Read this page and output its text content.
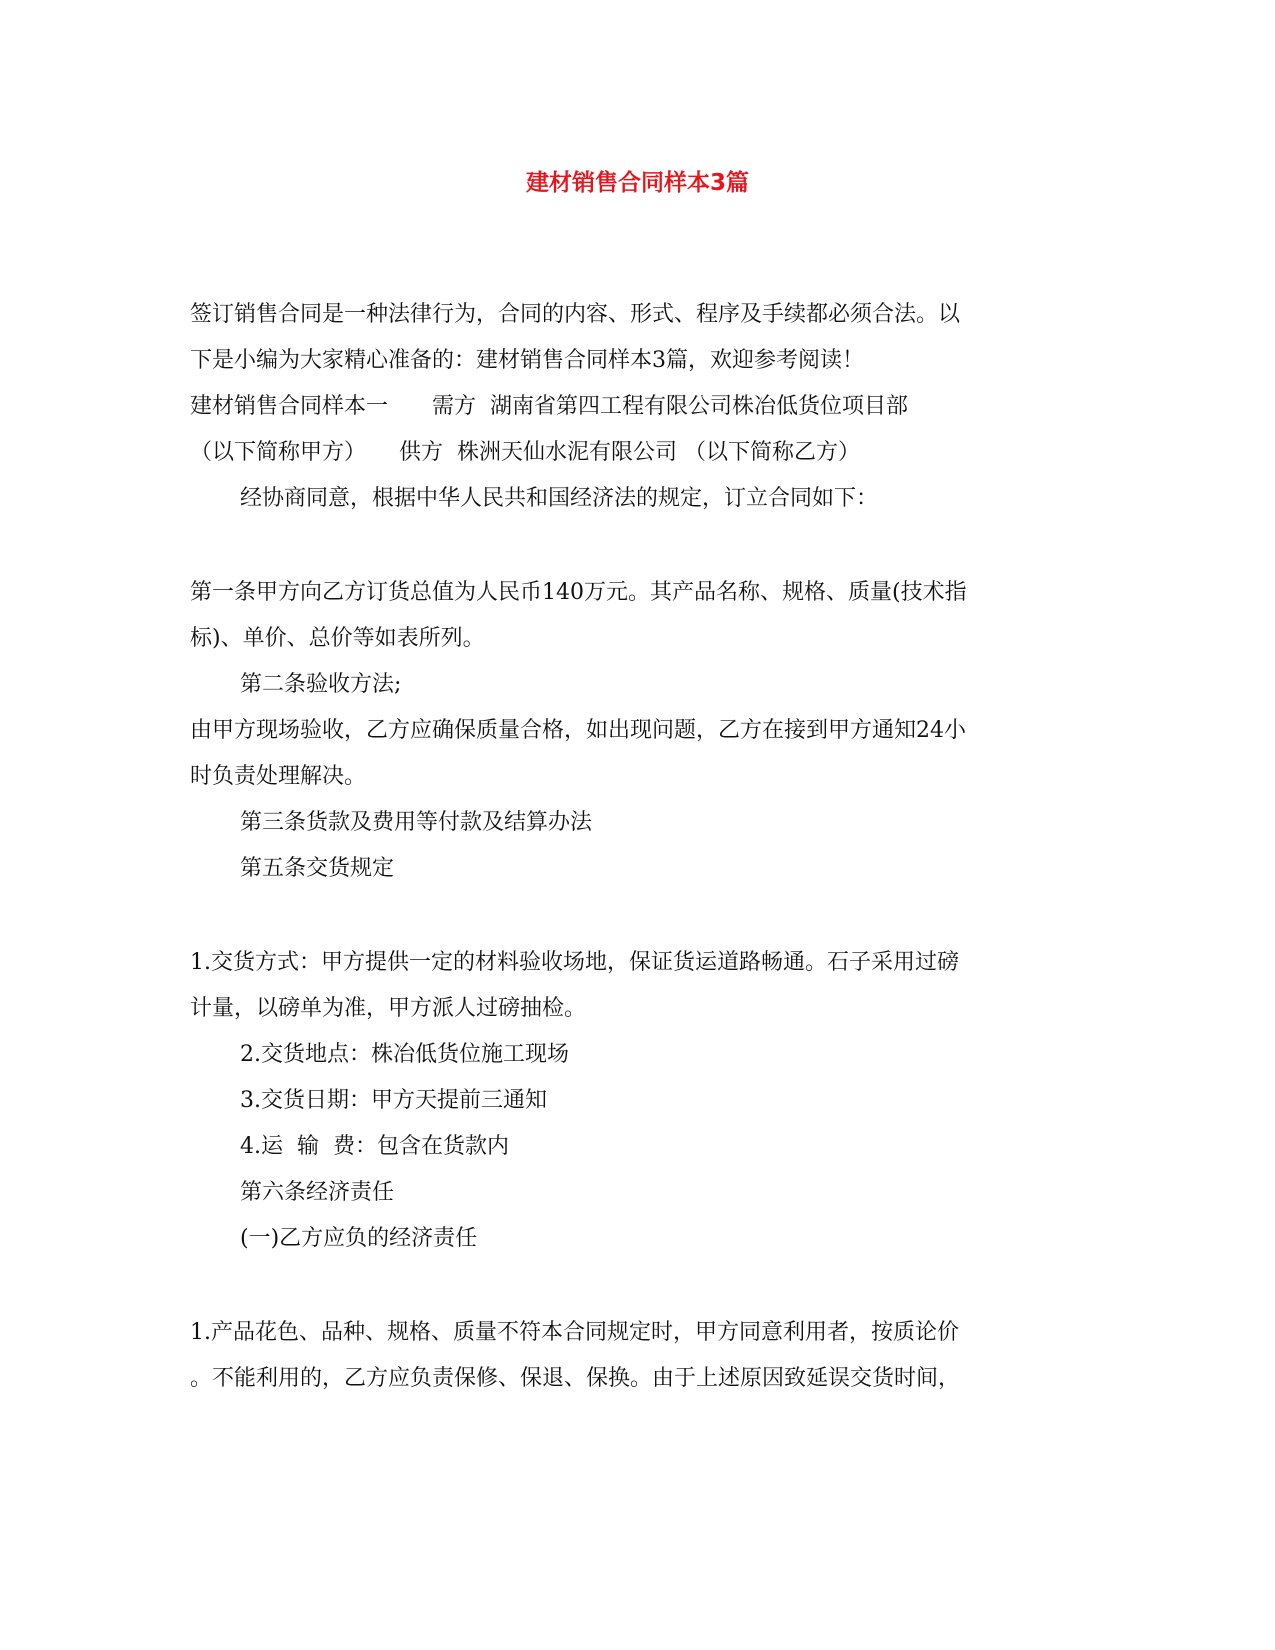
建材销售合同样本3篇

签订销售合同是一种法律行为，合同的内容、形式、程序及手续都必须合法。以

下是小编为大家精心准备的：建材销售合同样本3篇，欢迎参考阅读！

建材销售合同样本一　　需方  湖南省第四工程有限公司株冶低货位项目部

（以下简称甲方）　　供方  株洲天仙水泥有限公司 （以下简称乙方）

经协商同意，根据中华人民共和国经济法的规定，订立合同如下：

第一条甲方向乙方订货总值为人民币140万元。其产品名称、规格、质量(技术指

标)、单价、总价等如表所列。

第二条验收方法;

由甲方现场验收，乙方应确保质量合格，如出现问题，乙方在接到甲方通知24小

时负责处理解决。

第三条货款及费用等付款及结算办法

第五条交货规定

1.交货方式：甲方提供一定的材料验收场地，保证货运道路畅通。石子采用过磅

计量，以磅单为准，甲方派人过磅抽检。

2.交货地点：株冶低货位施工现场

3.交货日期：甲方天提前三通知

4.运  输  费：包含在货款内

第六条经济责任

(一)乙方应负的经济责任

1.产品花色、品种、规格、质量不符本合同规定时，甲方同意利用者，按质论价

。不能利用的，乙方应负责保修、保退、保换。由于上述原因致延误交货时间，
